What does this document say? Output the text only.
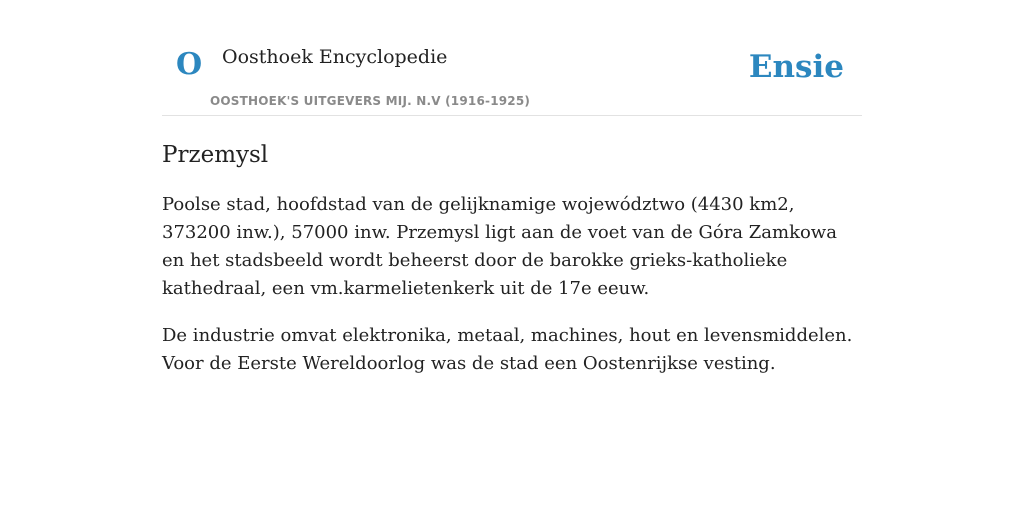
O Oosthoek Encyclopedie
OOSTHOEK'S UITGEVERS MIJ. N.V (1916-1925)
Ensie
Przemysl

Poolse stad, hoofdstad van de gelijknamige województwo (4430 km2, 373200 inw.), 57000 inw. Przemysl ligt aan de voet van de Góra Zamkowa en het stadsbeeld wordt beheerst door de barokke grieks-katholieke kathedraal, een vm.karmelietenkerk uit de 17e eeuw.

De industrie omvat elektronika, metaal, machines, hout en levensmiddelen. Voor de Eerste Wereldoorlog was de stad een Oostenrijkse vesting.
